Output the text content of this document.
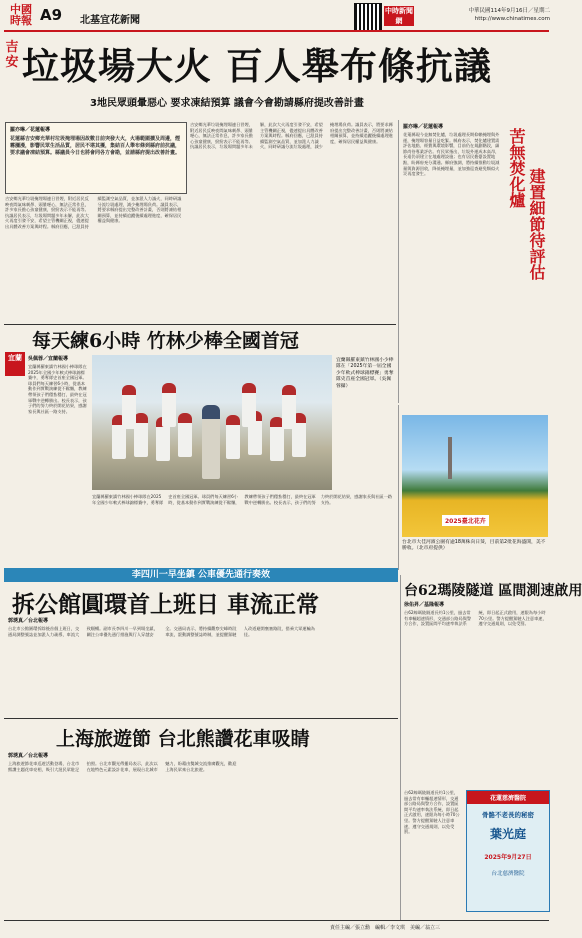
中國時報 A9 北基宜花新聞
中時新聞網
中華民國114年9月16日／星期二
http://www.chinatimes.com
吉安 垃圾場大火 百人舉布條抗議
3地民眾頭暈惡心 要求凍結預算 議會今會勘請縣府提改善計畫
羅亦晽／花蓮報導
花蓮縣吉安鄉光華村垃圾掩埋場因故數日前突發大火，火場範圍擴及周邊，煙霧瀰漫，影響民眾生活品質，居民不堪其擾，集結百人舉布條到縣府前抗議，要求議會凍結預算。縣議員今日也將會同各方會勘，並請縣府提出改善計畫。
吉安鄉光華垃圾掩埋場連日冒煙，附近居民反映夜間氣味刺鼻、頭暈噁心，無法正常作息，許多家長擔心孩童健康，紛紛表示不能再等。抗議居民表示，垃圾場問題多年未解，此次大火再度引發不安，希望主管機關正視，儘速提出具體改善方案與時程。縣府回應，已派員持續監測空氣品質，並加派人力滅火，同時研議分流垃圾處理，減少掩埋場負荷。議員表示，將要求縣府提出完整改善計畫，否則將凍結相關預算，並持續追蹤後續處理進度，確保居民權益與健康。
吉安鄉光華垃圾掩埋場連日冒煙，附近居民反映夜間氣味刺鼻、頭暈噁心，無法正常作息，許多家長擔心孩童健康，紛紛表示不能再等。抗議居民表示，垃圾場問題多年未解，此次大火再度引發不安，希望主管機關正視，儘速提出具體改善方案與時程。縣府回應，已派員持續監測空氣品質，並加派人力滅火，同時研議分流垃圾處理，減少掩埋場負荷。議員表示，將要求縣府提出完整改善計畫，否則將凍結相關預算，並持續追蹤後續處理進度，確保居民權益與健康。
羅亦晽／花蓮報導
花蓮縣現今並無焚化爐，垃圾處理長期仰賴掩埋與外運，掩埋場容量日益吃緊。縣府表示，焚化爐建置需評估地點、經費與環境影響，目前仍在規劃階段，細節尚待專業評估。有民眾指出，垃圾外運成本高昂，長遠仍須建立在地處理設施；也有居民擔憂設置地點，盼縣府充分溝通。縣府強調，將持續推動垃圾減量與資源回收，降低掩埋量，並加強巡查避免類似火災再度發生。	苦無焚化爐 建置細節待評估
每天練6小時 竹林少棒全國首冠
宜蘭	吳佩蓉／宜蘭報導
宜蘭縣羅東鎮竹林國小棒球隊在2025年全國少年軟式棒球錦標賽中，勇奪隊史首座全國冠軍。球員們每天練習6小時，從基本動作到實戰演練從不鬆懈，教練帶領孩子們穩紮穩打，最終在冠軍戰中逆轉勝出。校長表示，孩子們的努力終於開花結果，感謝家長與社區一路支持。
宜蘭縣羅東鎮竹林國小棒球隊在2025年全國少年軟式棒球錦標賽中，勇奪隊史首座全國冠軍。球員們每天練習6小時，從基本動作到實戰演練從不鬆懈，教練帶領孩子們穩紮穩打，最終在冠軍戰中逆轉勝出。校長表示，孩子們的努力終於開花結果，感謝家長與社區一路支持。
宜蘭縣羅東鎮竹林國小少棒隊在「2025年第一屆全國少年軟式棒球錦標賽」勇奪隊史首座全國冠軍。（吳佩蓉攝）
2025臺北花卉
台北市大佳河濱公園有逾18萬株向日葵，目前第2批花海盛開，美不勝收。（北市府提供）
李四川一早坐鎮 公車優先通行奏效
拆公館圓環首上班日 車流正常
郭琇真／台北報導
台北市公館圓環拆除後首個上班日，交通局調整號誌並加派人力疏導，車流大致順暢。副市長李四川一早到場坐鎮，關注公車優先通行措施與行人穿越安全。交通局表示，將持續觀察尖峰時段車流，滾動調整號誌時制，並提醒駕駛人改道避開壅塞路段，搭乘大眾運輸為佳。
台62瑪陵隧道 區間測速啟用
徐佑昇／基隆報導
台62線瑪陵隧道長約1公里，過去常有車輛超速情形，交通部公路局與警方合作，設置區間平均速率執法系統，即日起正式啟用，速限為每小時70公里。警方提醒駕駛人注意車速，遵守交通規則，以免受罰。
台62線瑪陵隧道長約1公里，過去常有車輛超速情形，交通部公路局與警方合作，設置區間平均速率執法系統，即日起正式啟用，速限為每小時70公里。警方提醒駕駛人注意車速，遵守交通規則，以免受罰。
上海旅遊節 台北熊讚花車吸睛
郭琇真／台北報導
上海旅遊節花車巡遊活動登場，台北市熊讚主題花車亮相，吸引大批民眾駐足拍照。台北市觀光傳播局表示，此次以在地特色元素設計花車，展現台北城市魅力，盼藉由雙城交流推廣觀光，歡迎上海民眾來台北旅遊。
花蓮慈濟醫院
骨骼不老長的秘密
葉光庭
2025年9月27日
台北慈濟醫院
責任主編／張立勳　編輯／李文琪　美編／翁立三
